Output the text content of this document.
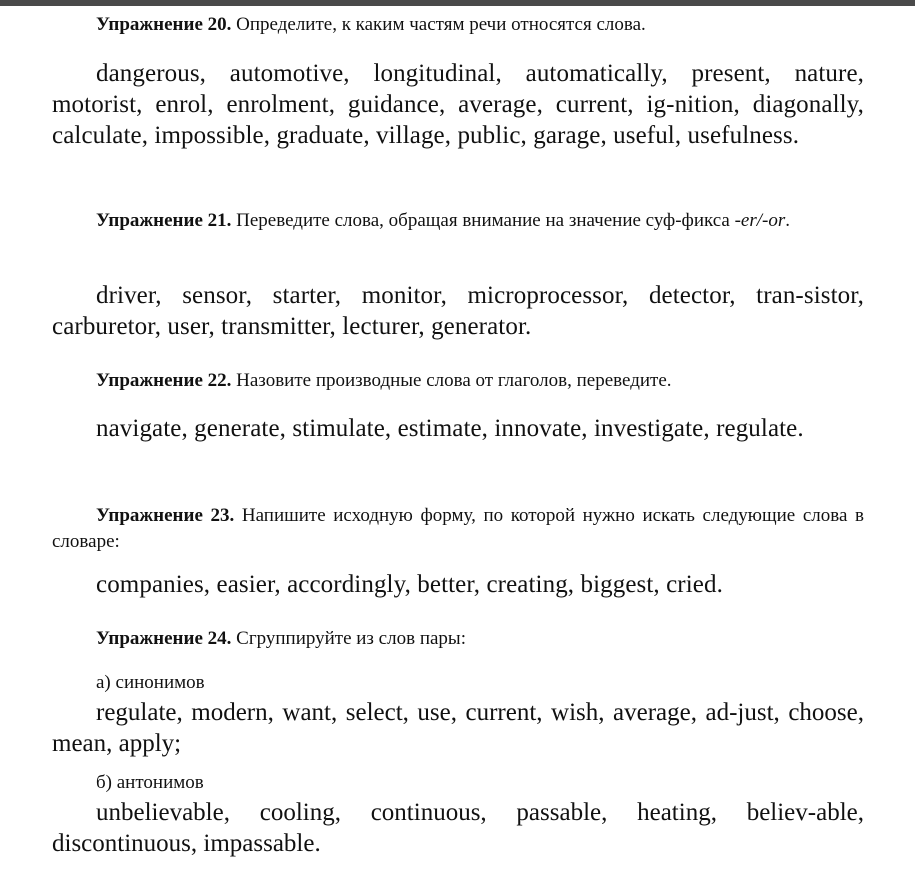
Упражнение 20. Определите, к каким частям речи относятся слова.
dangerous, automotive, longitudinal, automatically, present, nature, motorist, enrol, enrolment, guidance, average, current, ig-nition, diagonally, calculate, impossible, graduate, village, public, garage, useful, usefulness.
Упражнение 21. Переведите слова, обращая внимание на значение суф-фикса -er/-or.
driver, sensor, starter, monitor, microprocessor, detector, tran-sistor, carburetor, user, transmitter, lecturer, generator.
Упражнение 22. Назовите производные слова от глаголов, переведите.
navigate, generate, stimulate, estimate, innovate, investigate, regulate.
Упражнение 23. Напишите исходную форму, по которой нужно искать следующие слова в словаре:
companies, easier, accordingly, better, creating, biggest, cried.
Упражнение 24. Сгруппируйте из слов пары:
а) синонимов
regulate, modern, want, select, use, current, wish, average, ad-just, choose, mean, apply;
б) антонимов
unbelievable, cooling, continuous, passable, heating, believ-able, discontinuous, impassable.
